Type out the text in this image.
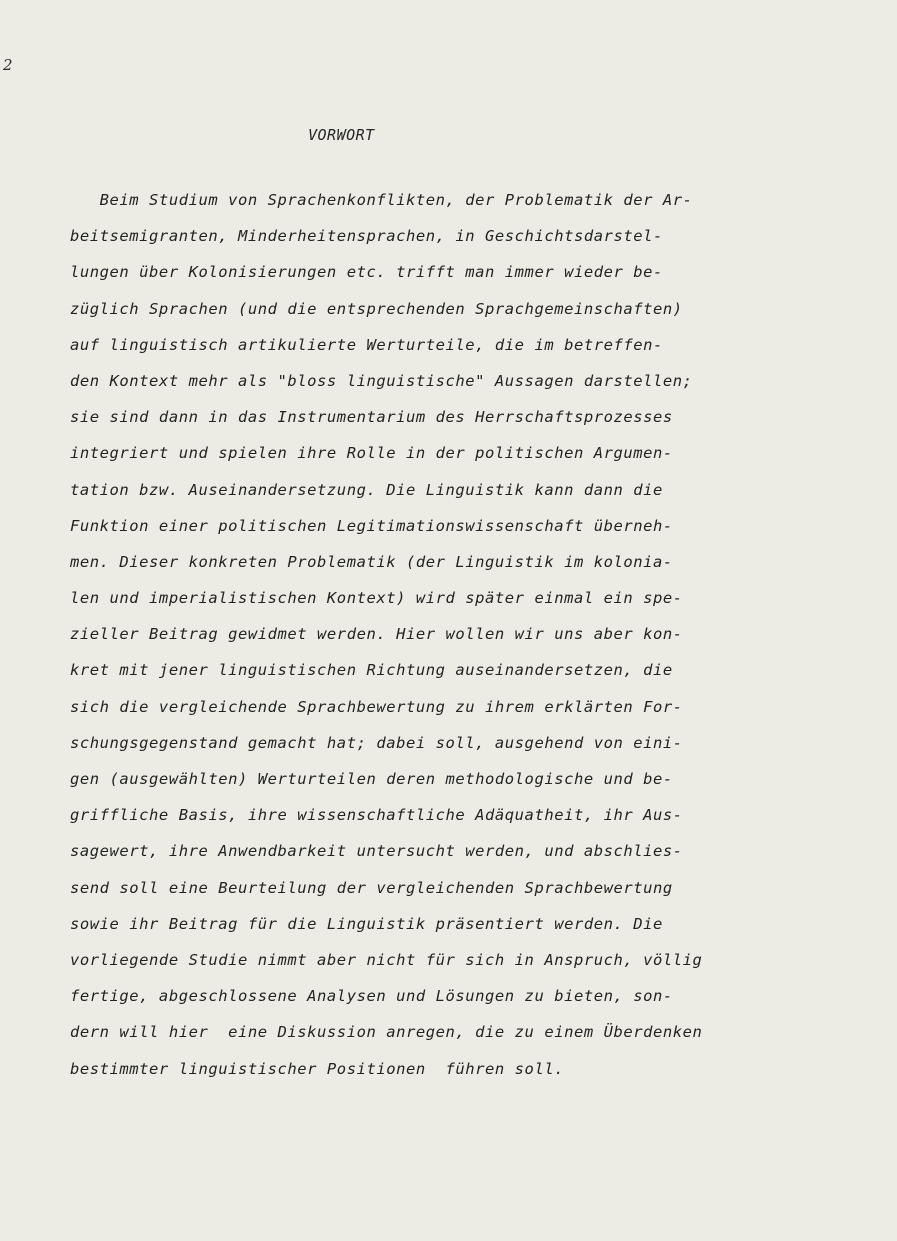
2

VORWORT
Beim Studium von Sprachenkonflikten, der Problematik der Ar-
beitsemigranten, Minderheitensprachen, in Geschichtsdarstel-
lungen über Kolonisierungen etc. trifft man immer wieder be-
züglich Sprachen (und die entsprechenden Sprachgemeinschaften)
auf linguistisch artikulierte Werturteile, die im betreffen-
den Kontext mehr als "bloss linguistische" Aussagen darstellen;
sie sind dann in das Instrumentarium des Herrschaftsprozesses
integriert und spielen ihre Rolle in der politischen Argumen-
tation bzw. Auseinandersetzung. Die Linguistik kann dann die
Funktion einer politischen Legitimationswissenschaft überneh-
men. Dieser konkreten Problematik (der Linguistik im kolonia-
len und imperialistischen Kontext) wird später einmal ein spe-
zieller Beitrag gewidmet werden. Hier wollen wir uns aber kon-
kret mit jener linguistischen Richtung auseinandersetzen, die
sich die vergleichende Sprachbewertung zu ihrem erklärten For-
schungsgegenstand gemacht hat; dabei soll, ausgehend von eini-
gen (ausgewählten) Werturteilen deren methodologische und be-
griffliche Basis, ihre wissenschaftliche Adäquatheit, ihr Aus-
sagewert, ihre Anwendbarkeit untersucht werden, und abschlies-
send soll eine Beurteilung der vergleichenden Sprachbewertung
sowie ihr Beitrag für die Linguistik präsentiert werden. Die
vorliegende Studie nimmt aber nicht für sich in Anspruch, völlig
fertige, abgeschlossene Analysen und Lösungen zu bieten, son-
dern will hier  eine Diskussion anregen, die zu einem Überdenken
bestimmter linguistischer Positionen  führen soll.
